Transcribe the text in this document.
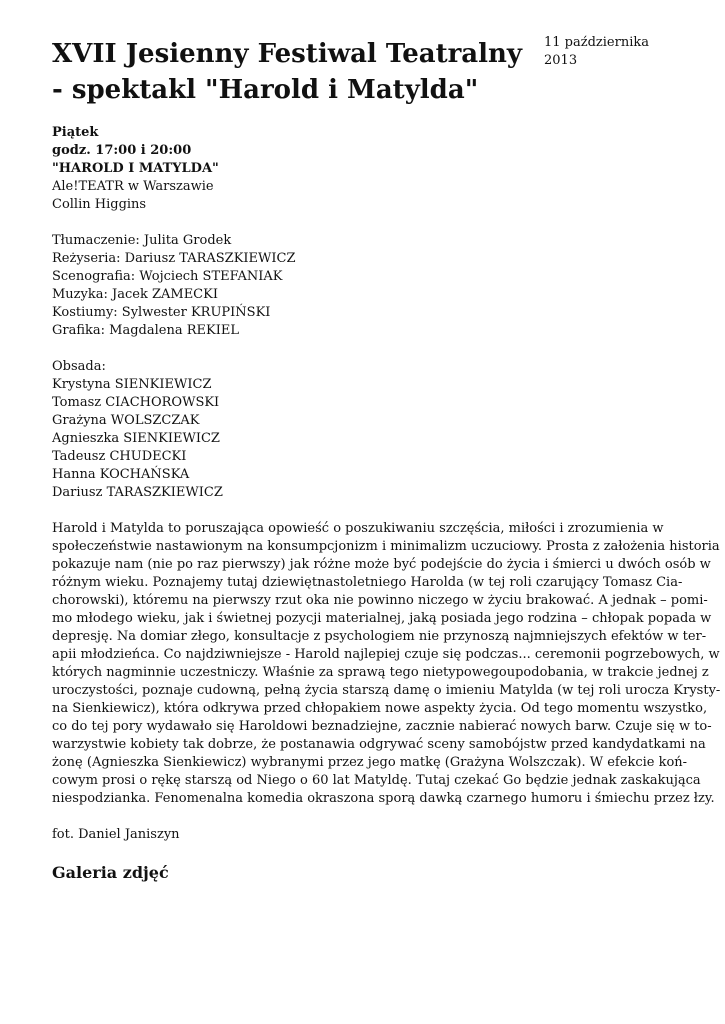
XVII Jesienny Festiwal Teatralny - spektakl "Harold i Matylda"
11 października
2013
Piątek
godz. 17:00 i 20:00
"HAROLD I MATYLDA"
Ale!TEATR w Warszawie
Collin Higgins
Tłumaczenie: Julita Grodek
Reżyseria: Dariusz TARASZKIEWICZ
Scenografia: Wojciech STEFANIAK
Muzyka: Jacek ZAMECKI
Kostiumy: Sylwester KRUPIŃSKI
Grafika: Magdalena REKIEL
Obsada:
Krystyna SIENKIEWICZ
Tomasz CIACHOROWSKI
Grażyna WOLSZCZAK
Agnieszka SIENKIEWICZ
Tadeusz CHUDECKI
Hanna KOCHAŃSKA
Dariusz TARASZKIEWICZ
Harold i Matylda to poruszająca opowieść o poszukiwaniu szczęścia, miłości i zrozumienia w
społeczeństwie nastawionym na konsumpcjonizm i minimalizm uczuciowy. Prosta z założenia historia
pokazuje nam (nie po raz pierwszy) jak różne może być podejście do życia i śmierci u dwóch osób w
różnym wieku. Poznajemy tutaj dziewiętnastoletniego Harolda (w tej roli czarujący Tomasz Cia-
chorowski), któremu na pierwszy rzut oka nie powinno niczego w życiu brakować. A jednak – pomi-
mo młodego wieku, jak i świetnej pozycji materialnej, jaką posiada jego rodzina – chłopak popada w
depresję. Na domiar złego, konsultacje z psychologiem nie przynoszą najmniejszych efektów w ter-
apii młodzieńca. Co najdziwniejsze - Harold najlepiej czuje się podczas... ceremonii pogrzebowych, w
których nagminnie uczestniczy. Właśnie za sprawą tego nietypowegoupodobania, w trakcie jednej z
uroczystości, poznaje cudowną, pełną życia starszą damę o imieniu Matylda (w tej roli urocza Krysty-
na Sienkiewicz), która odkrywa przed chłopakiem nowe aspekty życia. Od tego momentu wszystko,
co do tej pory wydawało się Haroldowi beznadziejne, zacznie nabierać nowych barw. Czuje się w to-
warzystwie kobiety tak dobrze, że postanawia odgrywać sceny samobójstw przed kandydatkami na
żonę (Agnieszka Sienkiewicz) wybranymi przez jego matkę (Grażyna Wolszczak). W efekcie koń-
cowym prosi o rękę starszą od Niego o 60 lat Matyldę. Tutaj czekać Go będzie jednak zaskakująca
niespodzianka. Fenomenalna komedia okraszona sporą dawką czarnego humoru i śmiechu przez łzy.
fot. Daniel Janiszyn
Galeria zdjęć
